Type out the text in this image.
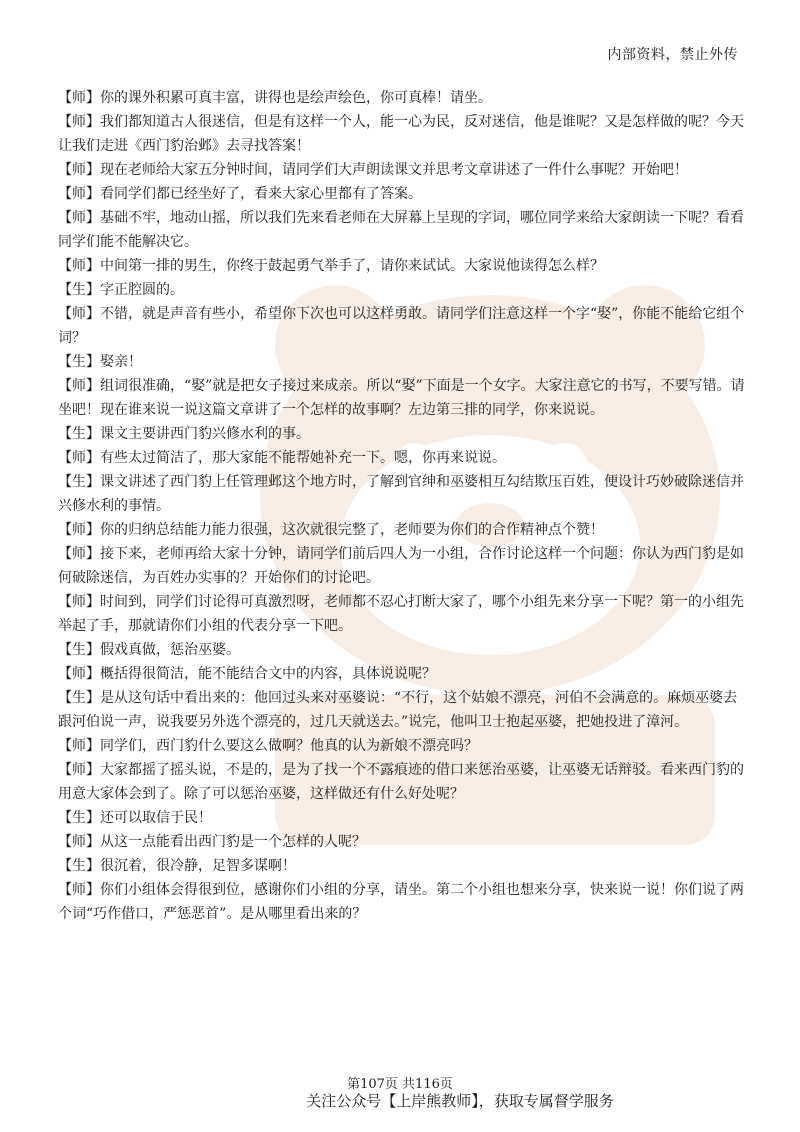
内部资料，禁止外传

【师】你的课外积累可真丰富，讲得也是绘声绘色，你可真棒！请坐。

【师】我们都知道古人很迷信，但是有这样一个人，能一心为民，反对迷信，他是谁呢？又是怎样做的呢？今天让我们走进《西门豹治邺》去寻找答案！

【师】现在老师给大家五分钟时间，请同学们大声朗读课文并思考文章讲述了一件什么事呢？开始吧！

【师】看同学们都已经坐好了，看来大家心里都有了答案。

【师】基础不牢，地动山摇，所以我们先来看老师在大屏幕上呈现的字词，哪位同学来给大家朗读一下呢？看看同学们能不能解决它。

【师】中间第一排的男生，你终于鼓起勇气举手了，请你来试试。大家说他读得怎么样？

【生】字正腔圆的。

【师】不错，就是声音有些小，希望你下次也可以这样勇敢。请同学们注意这样一个字“娶”，你能不能给它组个词？

【生】娶亲！

【师】组词很准确，“娶”就是把女子接过来成亲。所以“娶”下面是一个女字。大家注意它的书写，不要写错。请坐吧！现在谁来说一说这篇文章讲了一个怎样的故事啊？左边第三排的同学，你来说说。

【生】课文主要讲西门豹兴修水利的事。

【师】有些太过简洁了，那大家能不能帮她补充一下。嗯，你再来说说。

【生】课文讲述了西门豹上任管理邺这个地方时，了解到官绅和巫婆相互勾结欺压百姓，便设计巧妙破除迷信并兴修水利的事情。

【师】你的归纳总结能力能力很强，这次就很完整了，老师要为你们的合作精神点个赞！

【师】接下来，老师再给大家十分钟，请同学们前后四人为一小组，合作讨论这样一个问题：你认为西门豹是如何破除迷信，为百姓办实事的？开始你们的讨论吧。

【师】时间到，同学们讨论得可真激烈呀，老师都不忍心打断大家了，哪个小组先来分享一下呢？第一的小组先举起了手，那就请你们小组的代表分享一下吧。

【生】假戏真做，惩治巫婆。

【师】概括得很简洁，能不能结合文中的内容，具体说说呢？

【生】是从这句话中看出来的：他回过头来对巫婆说：“不行，这个姑娘不漂亮，河伯不会满意的。麻烦巫婆去跟河伯说一声，说我要另外选个漂亮的，过几天就送去。”说完，他叫卫士抱起巫婆，把她投进了漳河。

【师】同学们，西门豹什么要这么做啊？他真的认为新娘不漂亮吗？

【师】大家都摇了摇头说，不是的，是为了找一个不露痕迹的借口来惩治巫婆，让巫婆无话辩驳。看来西门豹的用意大家体会到了。除了可以惩治巫婆，这样做还有什么好处呢？

【生】还可以取信于民！

【师】从这一点能看出西门豹是一个怎样的人呢？

【生】很沉着，很冷静，足智多谋啊！

【师】你们小组体会得很到位，感谢你们小组的分享，请坐。第二个小组也想来分享，快来说一说！你们说了两个词“巧作借口，严惩恶首”。是从哪里看出来的？

第107页 共116页
关注公众号【上岸熊教师】，获取专属督学服务
